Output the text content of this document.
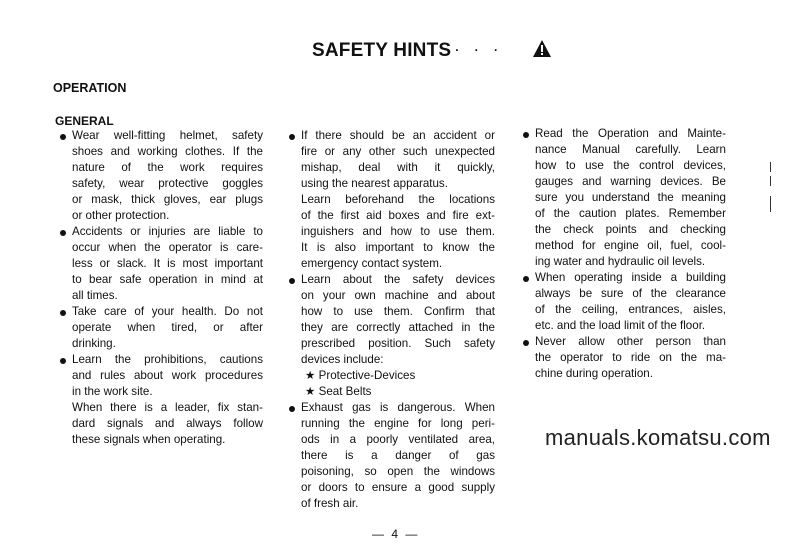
SAFETY HINTS · · ·
OPERATION
GENERAL
Wear well-fitting helmet, safety
shoes and working clothes. If the
nature of the work requires
safety, wear protective goggles
or mask, thick gloves, ear plugs
or other protection.
Accidents or injuries are liable to
occur when the operator is care-
less or slack. It is most important
to bear safe operation in mind at
all times.
Take care of your health. Do not
operate when tired, or after
drinking.
Learn the prohibitions, cautions
and rules about work procedures
in the work site.
When there is a leader, fix stan-
dard signals and always follow
these signals when operating.
If there should be an accident or
fire or any other such unexpected
mishap, deal with it quickly,
using the nearest apparatus.
Learn beforehand the locations
of the first aid boxes and fire ext-
inguishers and how to use them.
It is also important to know the
emergency contact system.
Learn about the safety devices
on your own machine and about
how to use them. Confirm that
they are correctly attached in the
prescribed position. Such safety
devices include:
★ Protective-Devices
★ Seat Belts
Exhaust gas is dangerous. When
running the engine for long peri-
ods in a poorly ventilated area,
there is a danger of gas
poisoning, so open the windows
or doors to ensure a good supply
of fresh air.
Read the Operation and Mainte-
nance Manual carefully. Learn
how to use the control devices,
gauges and warning devices. Be
sure you understand the meaning
of the caution plates. Remember
the check points and checking
method for engine oil, fuel, cool-
ing water and hydraulic oil levels.
When operating inside a building
always be sure of the clearance
of the ceiling, entrances, aisles,
etc. and the load limit of the floor.
Never allow other person than
the operator to ride on the ma-
chine during operation.
manuals.komatsu.com
— 4 —
